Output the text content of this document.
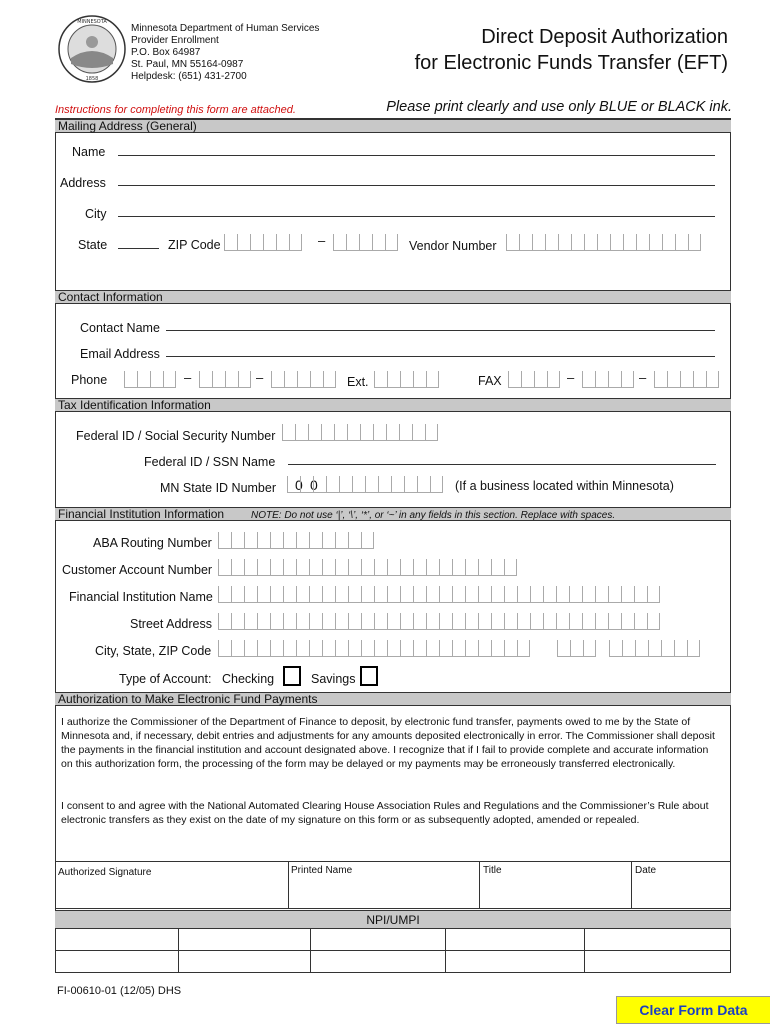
MINNESOTA
1858
Minnesota Department of Human Services
Provider Enrollment
P.O. Box 64987
St. Paul, MN 55164-0987
Helpdesk: (651) 431-2700
Direct Deposit Authorization
for Electronic Funds Transfer (EFT)
Instructions for completing this form are attached.	Please print clearly and use only BLUE or BLACK ink.
Mailing Address (General)
Name
Address
City
State	ZIP Code	–	Vendor Number
Contact Information
Contact Name
Email Address
Phone	–	–	Ext.	FAX	–	–
Tax Identification Information
Federal ID / Social Security Number
Federal ID / SSN Name
MN State ID Number 0 0	(If a business located within Minnesota)
Financial Institution Information	NOTE: Do not use ‘|’, ‘\’, ‘*’, or ‘~’ in any fields in this section. Replace with spaces.
ABA Routing Number
Customer Account Number
Financial Institution Name
Street Address
City, State, ZIP Code
Type of Account: Checking	Savings
Authorization to Make Electronic Fund Payments
I authorize the Commissioner of the Department of Finance to deposit, by electronic fund transfer, payments owed to me by the State of Minnesota and, if necessary, debit entries and adjustments for any amounts deposited electronically in error. The Commissioner shall deposit the payments in the financial institution and account designated above. I recognize that if I fail to provide complete and accurate information on this authorization form, the processing of the form may be delayed or my payments may be erroneously transferred electronically.
I consent to and agree with the National Automated Clearing House Association Rules and Regulations and the Commissioner’s Rule about electronic transfers as they exist on the date of my signature on this form or as subsequently adopted, amended or repealed.
Authorized Signature	Printed Name	Title	Date
NPI/UMPI
FI-00610-01 (12/05) DHS
Clear Form Data
